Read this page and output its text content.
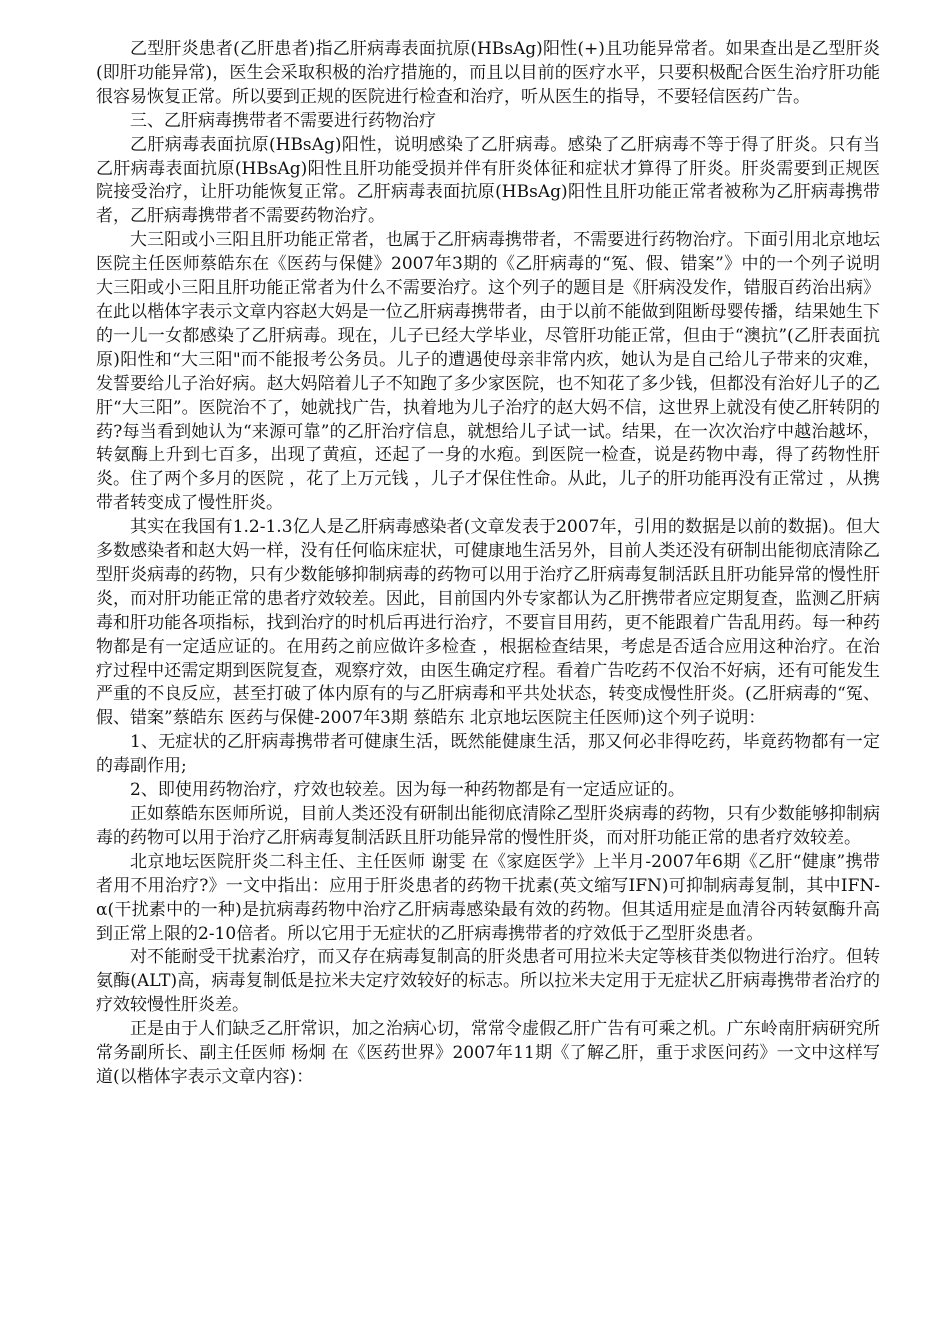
乙型肝炎患者(乙肝患者)指乙肝病毒表面抗原(HBsAg)阳性(+)且功能异常者。如果查出是乙型肝炎(即肝功能异常)，医生会采取积极的治疗措施的，而且以目前的医疗水平，只要积极配合医生治疗肝功能很容易恢复正常。所以要到正规的医院进行检查和治疗，听从医生的指导，不要轻信医药广告。

三、乙肝病毒携带者不需要进行药物治疗

乙肝病毒表面抗原(HBsAg)阳性，说明感染了乙肝病毒。感染了乙肝病毒不等于得了肝炎。只有当乙肝病毒表面抗原(HBsAg)阳性且肝功能受损并伴有肝炎体征和症状才算得了肝炎。肝炎需要到正规医院接受治疗，让肝功能恢复正常。乙肝病毒表面抗原(HBsAg)阳性且肝功能正常者被称为乙肝病毒携带者，乙肝病毒携带者不需要药物治疗。

大三阳或小三阳且肝功能正常者，也属于乙肝病毒携带者，不需要进行药物治疗。下面引用北京地坛医院主任医师蔡皓东在《医药与保健》2007年3期的《乙肝病毒的“冤、假、错案”》中的一个列子说明大三阳或小三阳且肝功能正常者为什么不需要治疗。这个列子的题目是《肝病没发作，错服百药治出病》在此以楷体字表示文章内容赵大妈是一位乙肝病毒携带者，由于以前不能做到阻断母婴传播，结果她生下的一儿一女都感染了乙肝病毒。现在，儿子已经大学毕业，尽管肝功能正常，但由于“澳抗”(乙肝表面抗原)阳性和“大三阳"而不能报考公务员。儿子的遭遇使母亲非常内疚，她认为是自己给儿子带来的灾难，发誓要给儿子治好病。赵大妈陪着儿子不知跑了多少家医院，也不知花了多少钱，但都没有治好儿子的乙肝“大三阳”。医院治不了，她就找广告，执着地为儿子治疗的赵大妈不信，这世界上就没有使乙肝转阴的药?每当看到她认为“来源可靠”的乙肝治疗信息，就想给儿子试一试。结果，在一次次治疗中越治越坏，转氨酶上升到七百多，出现了黄疸，还起了一身的水疱。到医院一检查，说是药物中毒，得了药物性肝炎。住了两个多月的医院 ，花了上万元钱 ，儿子才保住性命。从此，儿子的肝功能再没有正常过 ，从携带者转变成了慢性肝炎。

其实在我国有1.2-1.3亿人是乙肝病毒感染者(文章发表于2007年，引用的数据是以前的数据)。但大多数感染者和赵大妈一样，没有任何临床症状，可健康地生活另外，目前人类还没有研制出能彻底清除乙型肝炎病毒的药物，只有少数能够抑制病毒的药物可以用于治疗乙肝病毒复制活跃且肝功能异常的慢性肝炎，而对肝功能正常的患者疗效较差。因此，目前国内外专家都认为乙肝携带者应定期复查，监测乙肝病毒和肝功能各项指标，找到治疗的时机后再进行治疗，不要盲目用药，更不能跟着广告乱用药。每一种药物都是有一定适应证的。在用药之前应做许多检查 ，根据检查结果，考虑是否适合应用这种治疗。在治疗过程中还需定期到医院复查，观察疗效，由医生确定疗程。看着广告吃药不仅治不好病，还有可能发生严重的不良反应，甚至打破了体内原有的与乙肝病毒和平共处状态，转变成慢性肝炎。(乙肝病毒的“冤、假、错案”蔡皓东 医药与保健-2007年3期 蔡皓东 北京地坛医院主任医师)这个列子说明：

1、无症状的乙肝病毒携带者可健康生活，既然能健康生活，那又何必非得吃药，毕竟药物都有一定的毒副作用;

2、即使用药物治疗，疗效也较差。因为每一种药物都是有一定适应证的。

正如蔡皓东医师所说，目前人类还没有研制出能彻底清除乙型肝炎病毒的药物，只有少数能够抑制病毒的药物可以用于治疗乙肝病毒复制活跃且肝功能异常的慢性肝炎，而对肝功能正常的患者疗效较差。

北京地坛医院肝炎二科主任、主任医师 谢雯 在《家庭医学》上半月-2007年6期《乙肝“健康”携带者用不用治疗?》一文中指出：应用于肝炎患者的药物干扰素(英文缩写IFN)可抑制病毒复制，其中IFN-α(干扰素中的一种)是抗病毒药物中治疗乙肝病毒感染最有效的药物。但其适用症是血清谷丙转氨酶升高到正常上限的2-10倍者。所以它用于无症状的乙肝病毒携带者的疗效低于乙型肝炎患者。

对不能耐受干扰素治疗，而又存在病毒复制高的肝炎患者可用拉米夫定等核苷类似物进行治疗。但转氨酶(ALT)高，病毒复制低是拉米夫定疗效较好的标志。所以拉米夫定用于无症状乙肝病毒携带者治疗的疗效较慢性肝炎差。

正是由于人们缺乏乙肝常识，加之治病心切，常常令虚假乙肝广告有可乘之机。广东岭南肝病研究所常务副所长、副主任医师 杨炯 在《医药世界》2007年11期《了解乙肝，重于求医问药》一文中这样写道(以楷体字表示文章内容)：
